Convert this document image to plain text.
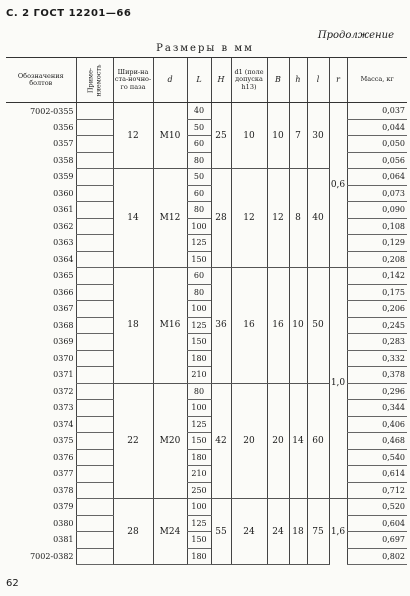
С. 2 ГОСТ 12201—66
Продолжение
Размеры в мм
Обозначения болтов	Приме-няемость	Шири-на ста-ночно-го паза	d	L	H	d1 (поле допуска h13)	B	h	l	r	Масса, кг
7002-0355		12	M10	40	25	10	10	7	30	0,6	0,037
0356				50							0,044
0357				60							0,050
0358				80							0,056
0359		14	M12	50	28	12	12	8	40		0,064
0360				60							0,073
0361				80							0,090
0362				100							0,108
0363				125							0,129
0364				150							0,208
0365		18	M16	60	36	16	16	10	50	1,0	0,142
0366				80							0,175
0367				100							0,206
0368				125							0,245
0369				150							0,283
0370				180							0,332
0371				210							0,378
0372		22	M20	80	42	20	20	14	60		0,296
0373				100							0,344
0374				125							0,406
0375				150							0,468
0376				180							0,540
0377				210							0,614
0378				250							0,712
0379		28	M24	100	55	24	24	18	75	1,6	0,520
0380				125							0,604
0381				150							0,697
7002-0382				180							0,802
62
